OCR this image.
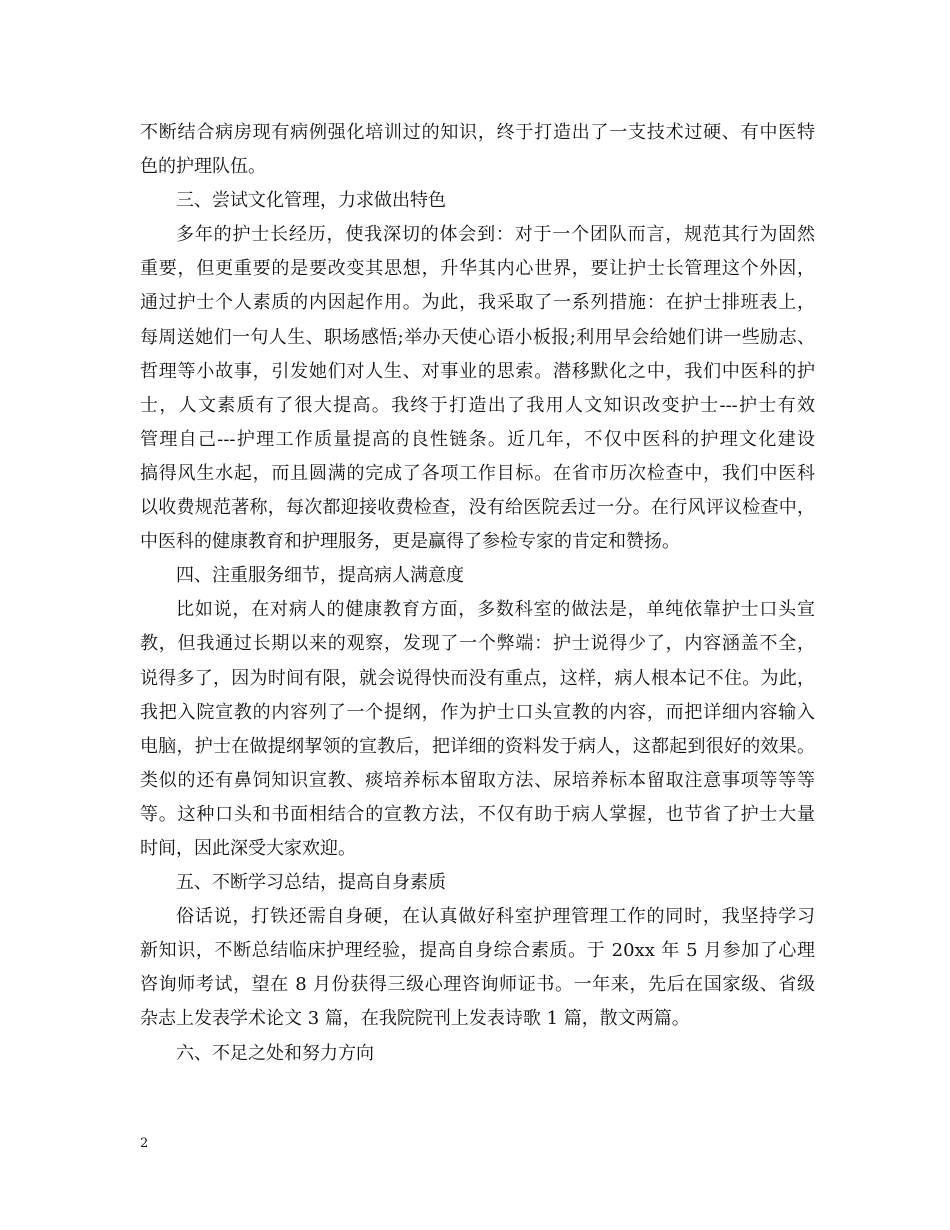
不断结合病房现有病例强化培训过的知识，终于打造出了一支技术过硬、有中医特
色的护理队伍。
三、尝试文化管理，力求做出特色
多年的护士长经历，使我深切的体会到：对于一个团队而言，规范其行为固然
重要，但更重要的是要改变其思想，升华其内心世界，要让护士长管理这个外因，
通过护士个人素质的内因起作用。为此，我采取了一系列措施：在护士排班表上，
每周送她们一句人生、职场感悟;举办天使心语小板报;利用早会给她们讲一些励志、
哲理等小故事，引发她们对人生、对事业的思索。潜移默化之中，我们中医科的护
士，人文素质有了很大提高。我终于打造出了我用人文知识改变护士---护士有效
管理自己---护理工作质量提高的良性链条。近几年，不仅中医科的护理文化建设
搞得风生水起，而且圆满的完成了各项工作目标。在省市历次检查中，我们中医科
以收费规范著称，每次都迎接收费检查，没有给医院丢过一分。在行风评议检查中，
中医科的健康教育和护理服务，更是赢得了参检专家的肯定和赞扬。
四、注重服务细节，提高病人满意度
比如说，在对病人的健康教育方面，多数科室的做法是，单纯依靠护士口头宣
教，但我通过长期以来的观察，发现了一个弊端：护士说得少了，内容涵盖不全，
说得多了，因为时间有限，就会说得快而没有重点，这样，病人根本记不住。为此，
我把入院宣教的内容列了一个提纲，作为护士口头宣教的内容，而把详细内容输入
电脑，护士在做提纲挈领的宣教后，把详细的资料发于病人，这都起到很好的效果。
类似的还有鼻饲知识宣教、痰培养标本留取方法、尿培养标本留取注意事项等等等
等。这种口头和书面相结合的宣教方法，不仅有助于病人掌握，也节省了护士大量
时间，因此深受大家欢迎。
五、不断学习总结，提高自身素质
俗话说，打铁还需自身硬，在认真做好科室护理管理工作的同时，我坚持学习
新知识，不断总结临床护理经验，提高自身综合素质。于 20xx 年 5 月参加了心理
咨询师考试，望在 8 月份获得三级心理咨询师证书。一年来，先后在国家级、省级
杂志上发表学术论文 3 篇，在我院院刊上发表诗歌 1 篇，散文两篇。
六、不足之处和努力方向
2
